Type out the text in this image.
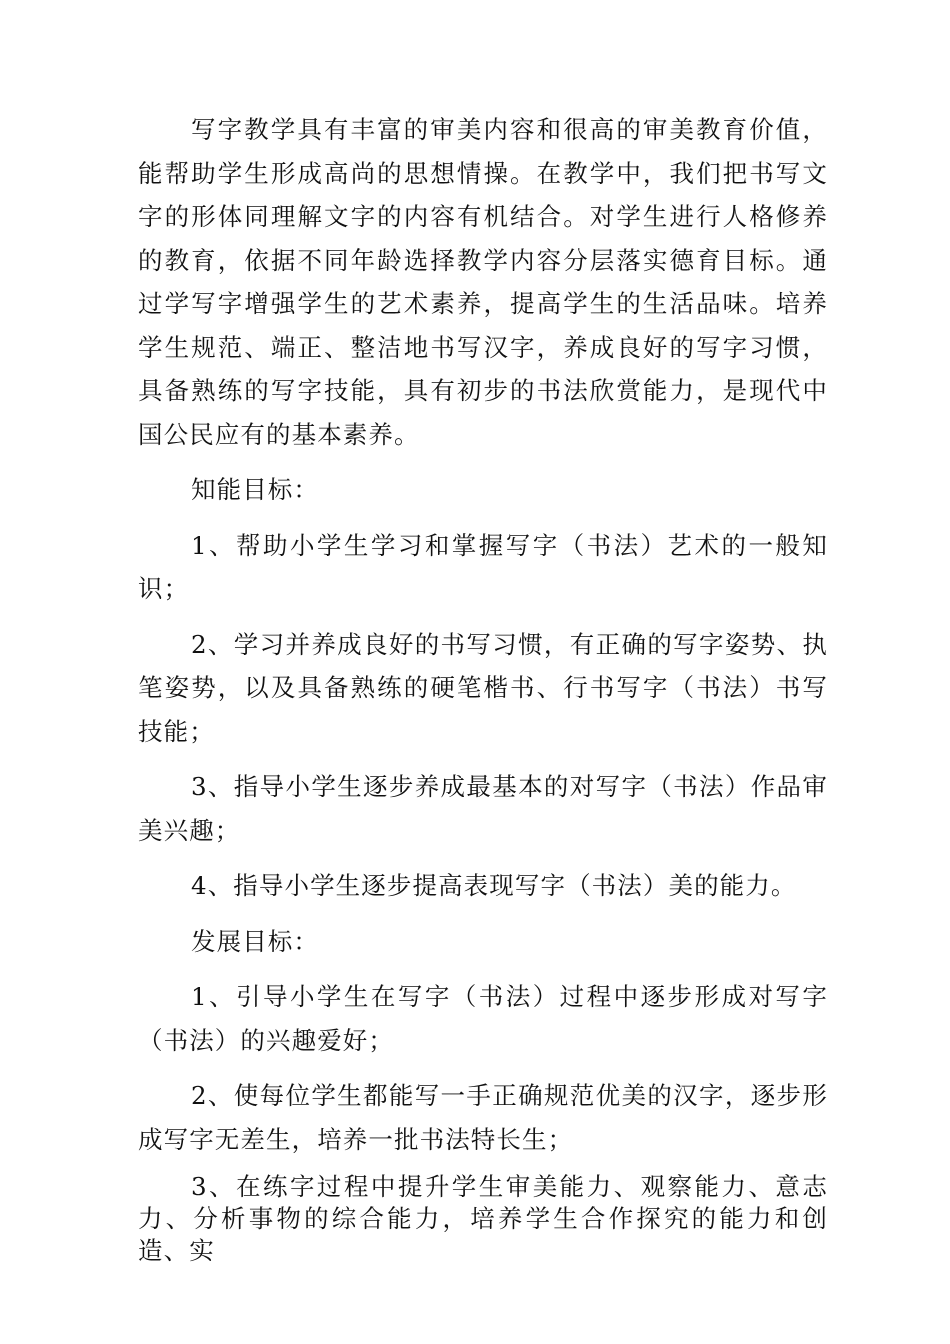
写字教学具有丰富的审美内容和很高的审美教育价值，能帮助学生形成高尚的思想情操。在教学中，我们把书写文字的形体同理解文字的内容有机结合。对学生进行人格修养的教育，依据不同年龄选择教学内容分层落实德育目标。通过学写字增强学生的艺术素养，提高学生的生活品味。培养学生规范、端正、整洁地书写汉字，养成良好的写字习惯，具备熟练的写字技能，具有初步的书法欣赏能力，是现代中国公民应有的基本素养。

知能目标：

1、帮助小学生学习和掌握写字（书法）艺术的一般知识；

2、学习并养成良好的书写习惯，有正确的写字姿势、执笔姿势，以及具备熟练的硬笔楷书、行书写字（书法）书写技能；

3、指导小学生逐步养成最基本的对写字（书法）作品审美兴趣；

4、指导小学生逐步提高表现写字（书法）美的能力。

发展目标：

1、引导小学生在写字（书法）过程中逐步形成对写字（书法）的兴趣爱好；

2、使每位学生都能写一手正确规范优美的汉字，逐步形成写字无差生，培养一批书法特长生；

3、在练字过程中提升学生审美能力、观察能力、意志力、分析事物的综合能力，培养学生合作探究的能力和创造、实
